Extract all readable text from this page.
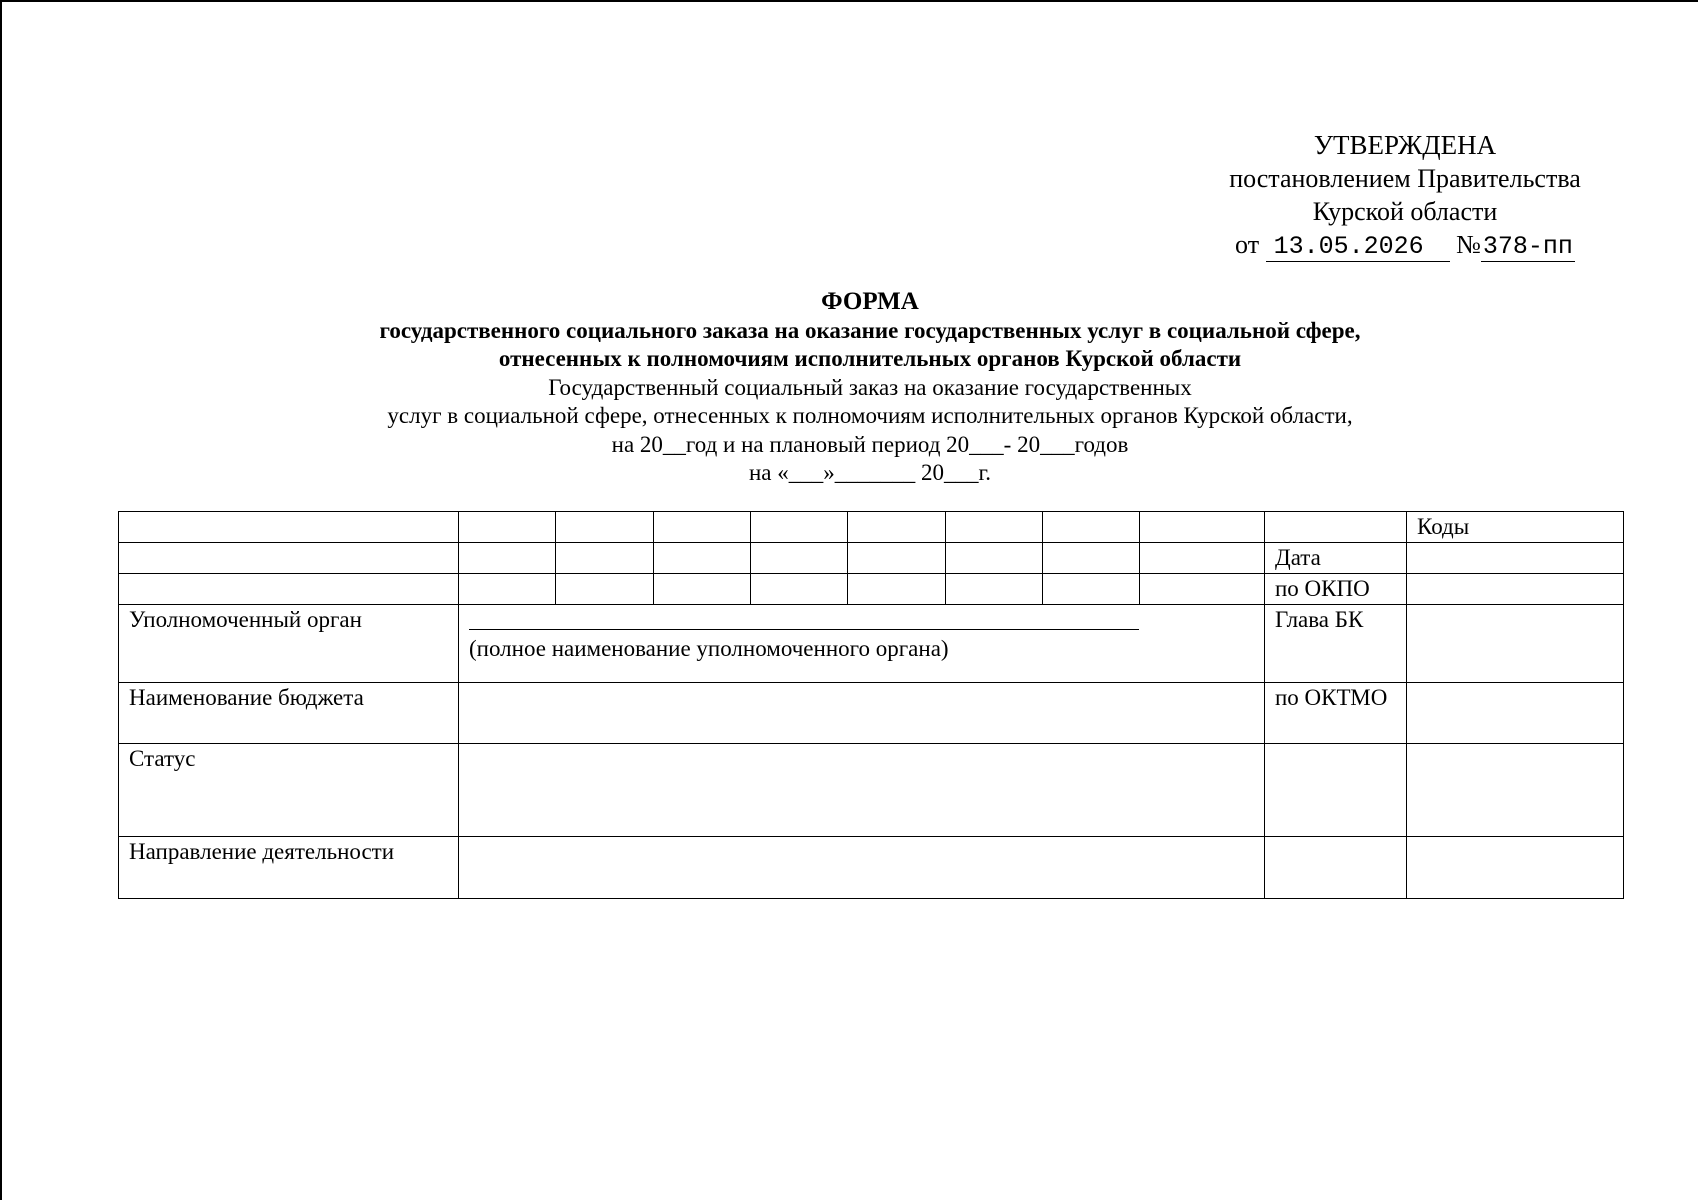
УТВЕРЖДЕНА
постановлением Правительства
Курской области
от 13.05.2026 №378-пп
ФОРМА
государственного социального заказа на оказание государственных услуг в социальной сфере,
отнесенных к полномочиям исполнительных органов Курской области
Государственный социальный заказ на оказание государственных
услуг в социальной сфере, отнесенных к полномочиям исполнительных органов Курской области,
на 20__год и на плановый период 20___- 20___годов
на «___»_______ 20___г.
										Коды
									Дата	
									по ОКПО	
Уполномоченный орган	(полное наименование уполномоченного органа)								Глава БК	
Наименование бюджета									по ОКТМО	
Статус										
Направление деятельности										
